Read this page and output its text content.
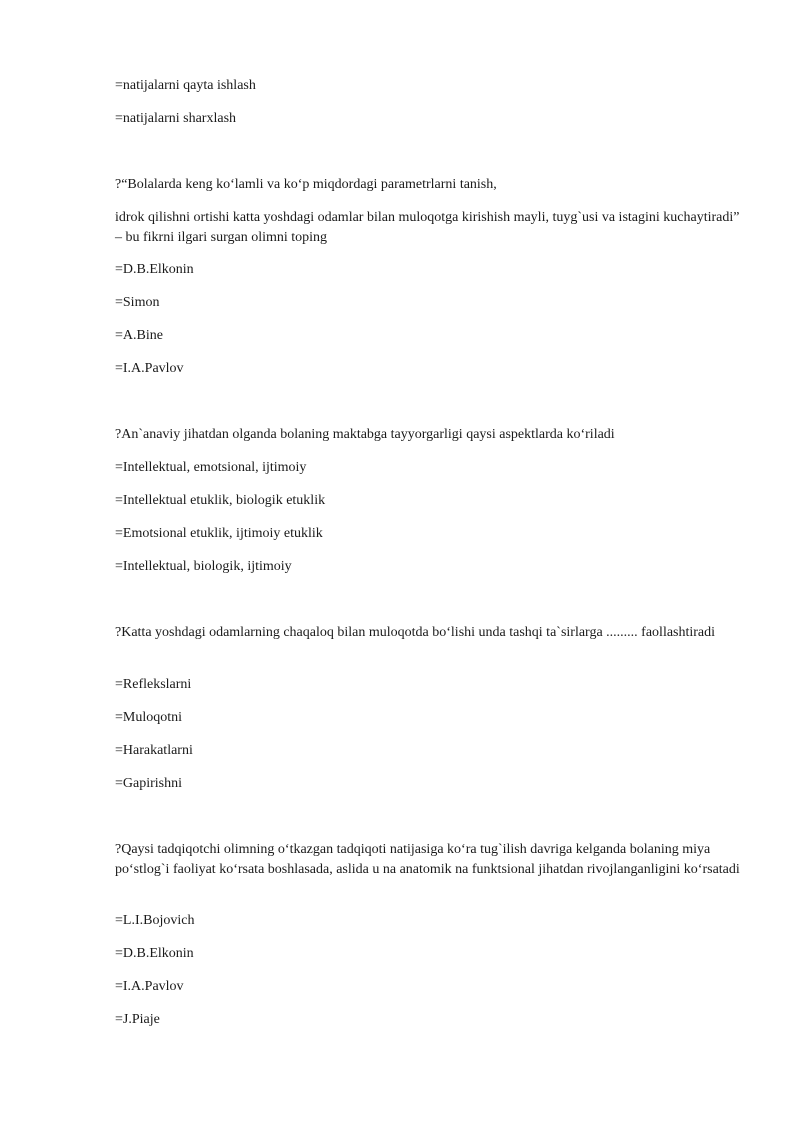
=natijalarni qayta ishlash
=natijalarni sharxlash
?“Bolalarda keng ko‘lamli va ko‘p miqdordagi parametrlarni tanish,
idrok qilishni ortishi katta yoshdagi odamlar bilan muloqotga kirishish mayli, tuyg`usi va istagini kuchaytiradi” – bu fikrni ilgari surgan olimni toping
=D.B.Elkonin
=Simon
=A.Bine
=I.A.Pavlov
?An`anaviy jihatdan olganda bolaning maktabga tayyorgarligi qaysi aspektlarda ko‘riladi
=Intellektual, emotsional, ijtimoiy
=Intellektual etuklik, biologik etuklik
=Emotsional etuklik, ijtimoiy etuklik
=Intellektual, biologik, ijtimoiy
?Katta yoshdagi odamlarning chaqaloq bilan muloqotda bo‘lishi unda tashqi ta`sirlarga ......... faollashtiradi
=Reflekslarni
=Muloqotni
=Harakatlarni
=Gapirishni
?Qaysi tadqiqotchi olimning o‘tkazgan tadqiqoti natijasiga ko‘ra tug`ilish davriga kelganda bolaning miya po‘stlog`i faoliyat ko‘rsata boshlasada, aslida u na anatomik na funktsional jihatdan rivojlanganligini ko‘rsatadi
=L.I.Bojovich
=D.B.Elkonin
=I.A.Pavlov
=J.Piaje
